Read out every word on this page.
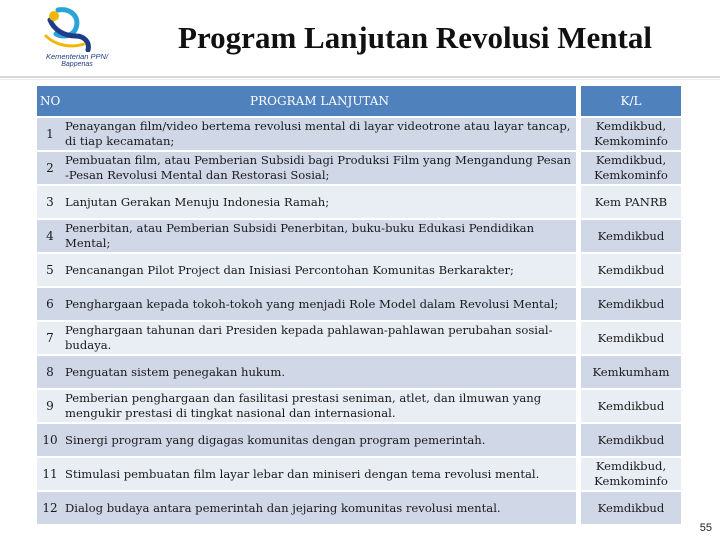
Kementerian PPN/
Bappenas
Program Lanjutan Revolusi Mental
NO	PROGRAM LANJUTAN	K/L
1	Penayangan film/video bertema revolusi mental di layar videotrone atau layar tancap, di tiap kecamatan;	Kemdikbud, Kemkominfo
2	Pembuatan film, atau Pemberian Subsidi bagi Produksi Film yang Mengandung Pesan -Pesan Revolusi Mental dan Restorasi Sosial;	Kemdikbud, Kemkominfo
3	Lanjutan Gerakan Menuju Indonesia Ramah;	Kem PANRB
4	Penerbitan, atau Pemberian Subsidi Penerbitan, buku-buku Edukasi Pendidikan Mental;	Kemdikbud
5	Pencanangan Pilot Project dan Inisiasi Percontohan Komunitas Berkarakter;	Kemdikbud
6	Penghargaan kepada tokoh-tokoh yang menjadi Role Model dalam Revolusi Mental;	Kemdikbud
7	Penghargaan tahunan dari Presiden kepada pahlawan-pahlawan perubahan sosial-budaya.	Kemdikbud
8	Penguatan sistem penegakan hukum.	Kemkumham
9	Pemberian penghargaan dan fasilitasi prestasi seniman, atlet, dan ilmuwan yang mengukir prestasi di tingkat nasional dan internasional.	Kemdikbud
10	Sinergi program yang digagas komunitas dengan program pemerintah.	Kemdikbud
11	Stimulasi pembuatan film layar lebar dan miniseri dengan tema revolusi mental.	Kemdikbud, Kemkominfo
12	Dialog budaya antara pemerintah dan jejaring komunitas revolusi mental.	Kemdikbud
55
